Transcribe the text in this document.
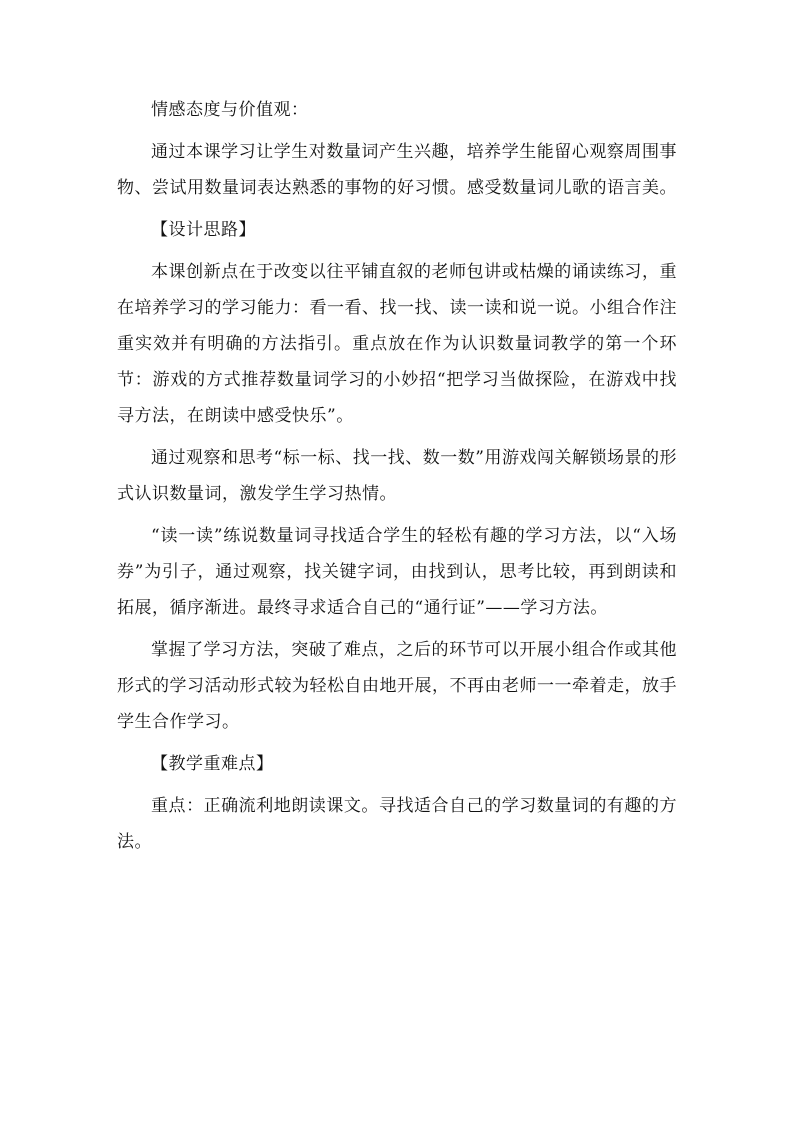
情感态度与价值观：

通过本课学习让学生对数量词产生兴趣，培养学生能留心观察周围事物、尝试用数量词表达熟悉的事物的好习惯。感受数量词儿歌的语言美。

【设计思路】

本课创新点在于改变以往平铺直叙的老师包讲或枯燥的诵读练习，重在培养学习的学习能力：看一看、找一找、读一读和说一说。小组合作注重实效并有明确的方法指引。重点放在作为认识数量词教学的第一个环节：游戏的方式推荐数量词学习的小妙招“把学习当做探险，在游戏中找寻方法，在朗读中感受快乐”。

通过观察和思考“标一标、找一找、数一数”用游戏闯关解锁场景的形式认识数量词，激发学生学习热情。

“读一读”练说数量词寻找适合学生的轻松有趣的学习方法，以“入场券”为引子，通过观察，找关键字词，由找到认，思考比较，再到朗读和拓展，循序渐进。最终寻求适合自己的“通行证”——学习方法。

掌握了学习方法，突破了难点，之后的环节可以开展小组合作或其他形式的学习活动形式较为轻松自由地开展，不再由老师一一牵着走，放手学生合作学习。

【教学重难点】

重点：正确流利地朗读课文。寻找适合自己的学习数量词的有趣的方法。
